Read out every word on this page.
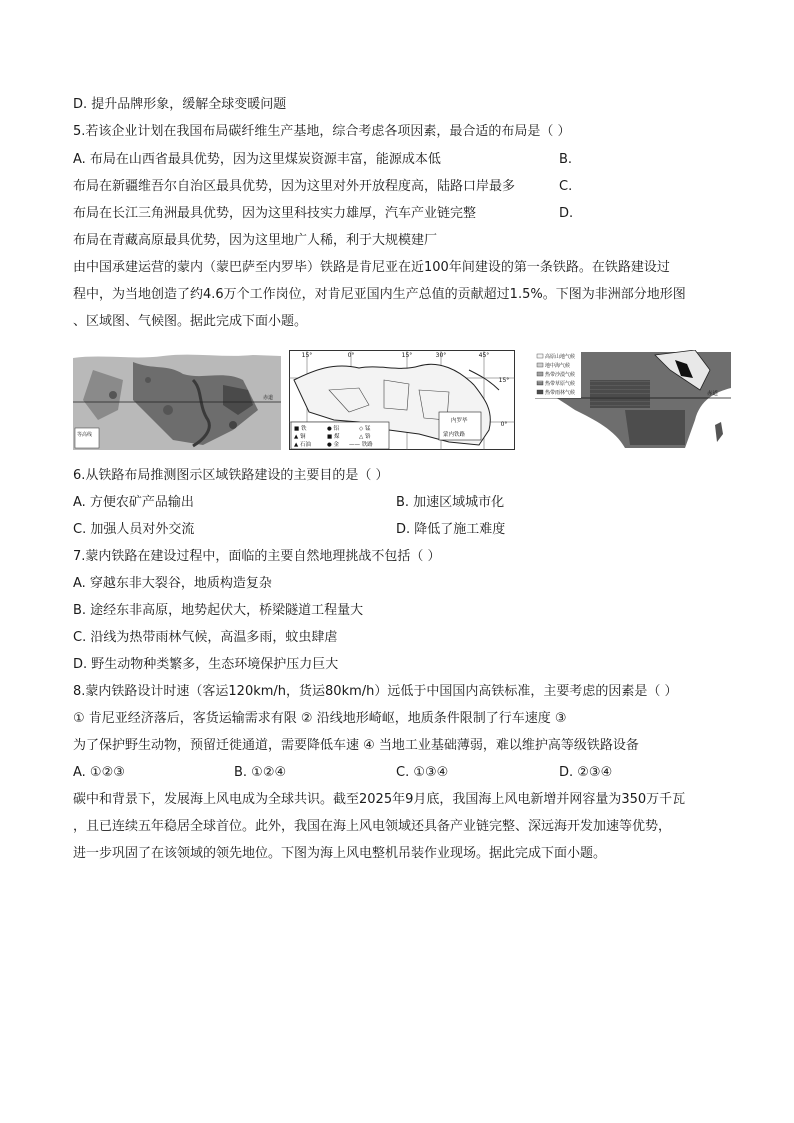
D. 提升品牌形象，缓解全球变暖问题
5.若该企业计划在我国布局碳纤维生产基地，综合考虑各项因素，最合适的布局是（ ）
A. 布局在山西省最具优势，因为这里煤炭资源丰富，能源成本低	B.
布局在新疆维吾尔自治区最具优势，因为这里对外开放程度高，陆路口岸最多	C.
布局在长江三角洲最具优势，因为这里科技实力雄厚，汽车产业链完整	D.
布局在青藏高原最具优势，因为这里地广人稀，利于大规模建厂
由中国承建运营的蒙内（蒙巴萨至内罗毕）铁路是肯尼亚在近100年间建设的第一条铁路。在铁路建设过
程中，为当地创造了约4.6万个工作岗位，对肯尼亚国内生产总值的贡献超过1.5%。下图为非洲部分地形图
、区域图、气候图。据此完成下面小题。
赤道
等高线
15°	0°	15°	30°	45°
15°
0°
■ 铁	● 铝	◇ 锰
▲ 铜	■ 煤	△ 铬
▲ 石油	● 金 —— 铁路
内罗毕
蒙内铁路
赤道
高原山地气候
地中海气候
热带沙漠气候
热带草原气候
热带雨林气候
6.从铁路布局推测图示区域铁路建设的主要目的是（ ）
A. 方便农矿产品输出	B. 加速区域城市化
C. 加强人员对外交流	D. 降低了施工难度
7.蒙内铁路在建设过程中，面临的主要自然地理挑战不包括（ ）
A. 穿越东非大裂谷，地质构造复杂
B. 途经东非高原，地势起伏大，桥梁隧道工程量大
C. 沿线为热带雨林气候，高温多雨，蚊虫肆虐
D. 野生动物种类繁多，生态环境保护压力巨大
8.蒙内铁路设计时速（客运120km/h，货运80km/h）远低于中国国内高铁标准，主要考虑的因素是（ ）
① 肯尼亚经济落后，客货运输需求有限 ② 沿线地形崎岖，地质条件限制了行车速度 ③
为了保护野生动物，预留迁徙通道，需要降低车速 ④ 当地工业基础薄弱，难以维护高等级铁路设备
A. ①②③	B. ①②④	C. ①③④	D. ②③④
碳中和背景下，发展海上风电成为全球共识。截至2025年9月底，我国海上风电新增并网容量为350万千瓦
，且已连续五年稳居全球首位。此外，我国在海上风电领域还具备产业链完整、深远海开发加速等优势，
进一步巩固了在该领域的领先地位。下图为海上风电整机吊装作业现场。据此完成下面小题。
